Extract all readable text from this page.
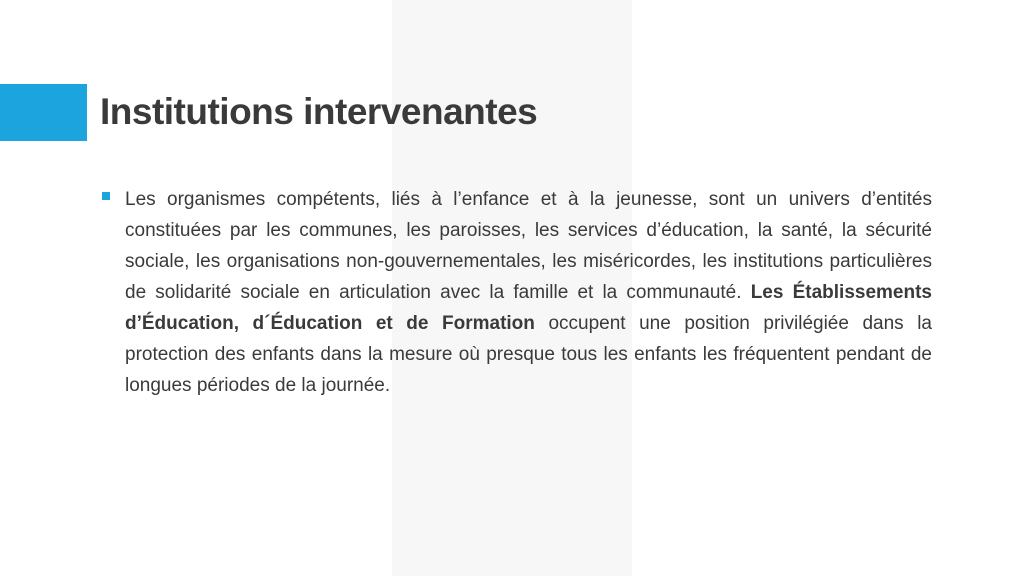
Institutions intervenantes

Les organismes compétents, liés à l’enfance et à la jeunesse, sont un univers d’entités constituées par les communes, les paroisses, les services d’éducation, la santé, la sécurité sociale, les organisations non-gouvernementales, les miséricordes, les institutions particulières de solidarité sociale en articulation avec la famille et la communauté. Les Établissements d’Éducation, d´Éducation et de Formation occupent une position privilégiée dans la protection des enfants dans la mesure où presque tous les enfants les fréquentent pendant de longues périodes de la journée.
